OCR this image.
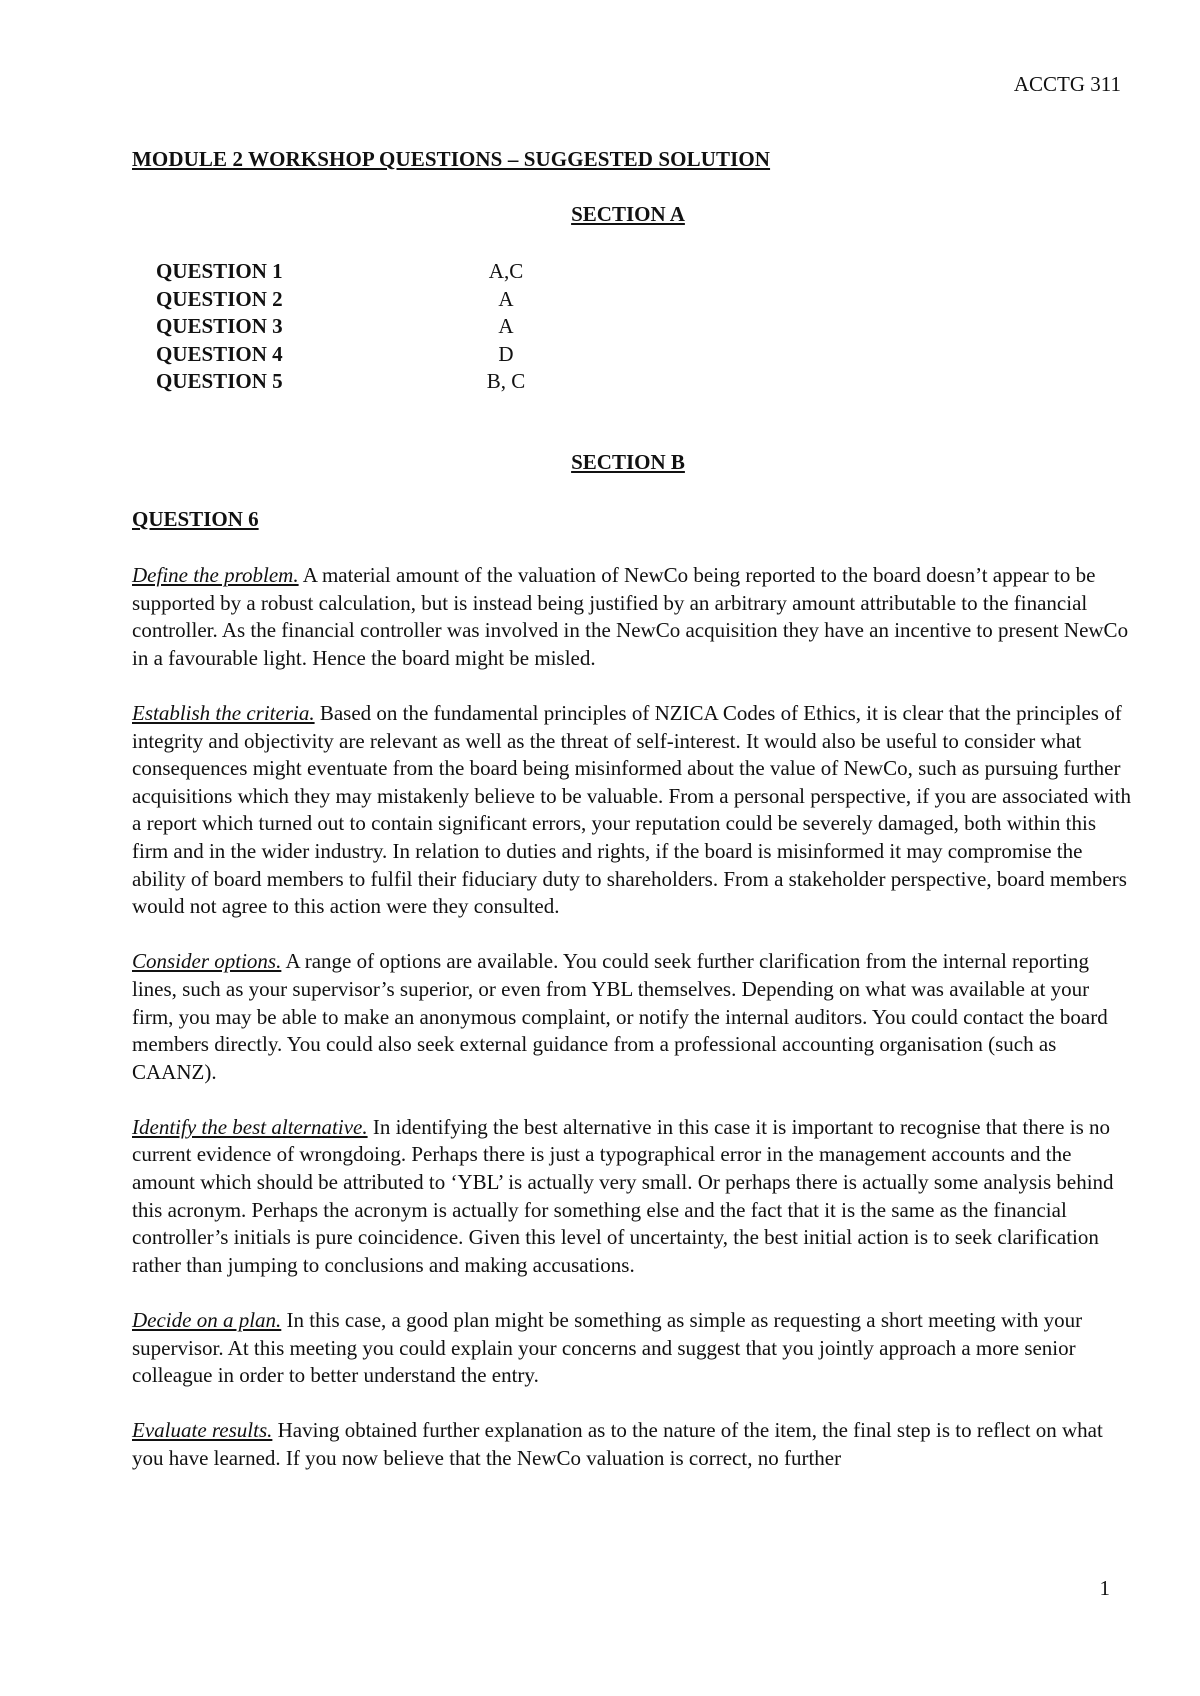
ACCTG 311
MODULE 2 WORKSHOP QUESTIONS – SUGGESTED SOLUTION
SECTION A
QUESTION 1	A,C
QUESTION 2	A
QUESTION 3	A
QUESTION 4	D
QUESTION 5	B, C
SECTION B
QUESTION 6

Define the problem. A material amount of the valuation of NewCo being reported to the board doesn’t appear to be supported by a robust calculation, but is instead being justified by an arbitrary amount attributable to the financial controller. As the financial controller was involved in the NewCo acquisition they have an incentive to present NewCo in a favourable light. Hence the board might be misled.

Establish the criteria. Based on the fundamental principles of NZICA Codes of Ethics, it is clear that the principles of integrity and objectivity are relevant as well as the threat of self-interest. It would also be useful to consider what consequences might eventuate from the board being misinformed about the value of NewCo, such as pursuing further acquisitions which they may mistakenly believe to be valuable. From a personal perspective, if you are associated with a report which turned out to contain significant errors, your reputation could be severely damaged, both within this firm and in the wider industry. In relation to duties and rights, if the board is misinformed it may compromise the ability of board members to fulfil their fiduciary duty to shareholders. From a stakeholder perspective, board members would not agree to this action were they consulted.

Consider options. A range of options are available. You could seek further clarification from the internal reporting lines, such as your supervisor’s superior, or even from YBL themselves. Depending on what was available at your firm, you may be able to make an anonymous complaint, or notify the internal auditors. You could contact the board members directly. You could also seek external guidance from a professional accounting organisation (such as CAANZ).

Identify the best alternative. In identifying the best alternative in this case it is important to recognise that there is no current evidence of wrongdoing. Perhaps there is just a typographical error in the management accounts and the amount which should be attributed to ‘YBL’ is actually very small. Or perhaps there is actually some analysis behind this acronym. Perhaps the acronym is actually for something else and the fact that it is the same as the financial controller’s initials is pure coincidence. Given this level of uncertainty, the best initial action is to seek clarification rather than jumping to conclusions and making accusations.

Decide on a plan. In this case, a good plan might be something as simple as requesting a short meeting with your supervisor. At this meeting you could explain your concerns and suggest that you jointly approach a more senior colleague in order to better understand the entry.

Evaluate results. Having obtained further explanation as to the nature of the item, the final step is to reflect on what you have learned. If you now believe that the NewCo valuation is correct, no further

1
